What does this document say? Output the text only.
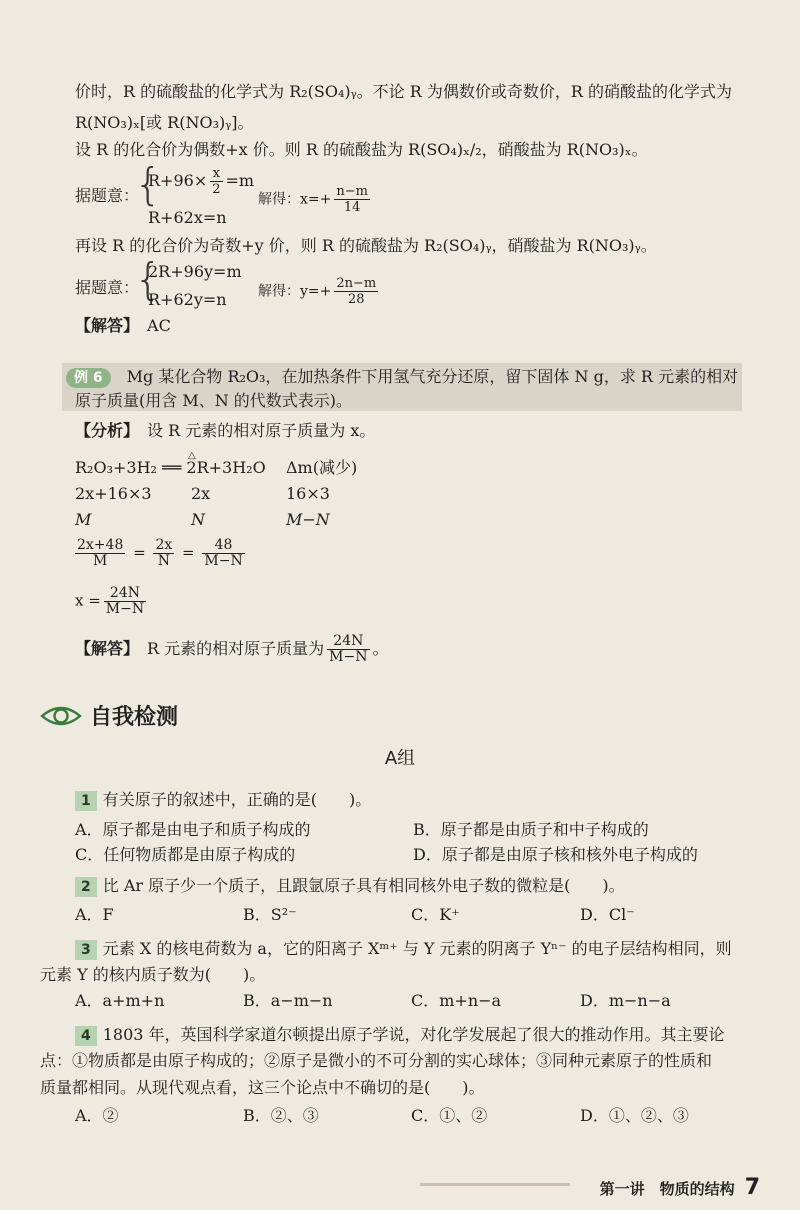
价时，R 的硫酸盐的化学式为 R₂(SO₄)ᵧ。不论 R 为偶数价或奇数价，R 的硝酸盐的化学式为
R(NO₃)ₓ[或 R(NO₃)ᵧ]。
设 R 的化合价为偶数+x 价。则 R 的硫酸盐为 R(SO₄)ₓ/₂，硝酸盐为 R(NO₃)ₓ。
据题意：
{
$R+96\times \frac{x}{2} =m$
解得：$x=+ \frac{n-m}{14}$
R+62x=n
再设 R 的化合价为奇数+y 价，则 R 的硫酸盐为 R₂(SO₄)ᵧ，硝酸盐为 R(NO₃)ᵧ。
据题意：
{
2R+96y=m
解得：$y=+ \frac{2n-m}{28}$
R+62y=n
【解答】　 AC
例 6　 Mg 某化合物 R₂O₃，在加热条件下用氢气充分还原，留下固体 N g，求 R 元素的相对
原子质量(用含 M、N 的代数式表示)。
【分析】　 设 R 元素的相对原子质量为 x。
△
R₂O₃+3H₂ ══ 2R+3H₂O Δm(减少)
2x+16×3 2x	16×3
M	N	M−N
$\frac{2x+48}{M} = \frac{2x}{N} = \frac{48}{M-N}$
$x = \frac{24N}{M-N}$
【解答】　 R 元素的相对原子质量为 $\frac{24N}{M-N}$ 。
自我检测
A组
1 有关原子的叙述中，正确的是(　　)。
A．原子都是由电子和质子构成的	B．原子都是由质子和中子构成的
C．任何物质都是由原子构成的	D．原子都是由原子核和核外电子构成的
2 比 Ar 原子少一个质子，且跟氩原子具有相同核外电子数的微粒是(　　)。
A．F	B．S²⁻	C．K⁺	D．Cl⁻
3 元素 X 的核电荷数为 a，它的阳离子 Xᵐ⁺ 与 Y 元素的阴离子 Yⁿ⁻ 的电子层结构相同，则
元素 Y 的核内质子数为(　　)。
A．a+m+n	B．a−m−n	C．m+n−a	D．m−n−a
4 1803 年，英国科学家道尔顿提出原子学说，对化学发展起了很大的推动作用。其主要论
点：①物质都是由原子构成的；②原子是微小的不可分割的实心球体；③同种元素原子的性质和
质量都相同。从现代观点看，这三个论点中不确切的是(　　)。
A．②	B．②、③	C．①、②	D．①、②、③
第一讲　物质的结构 7
